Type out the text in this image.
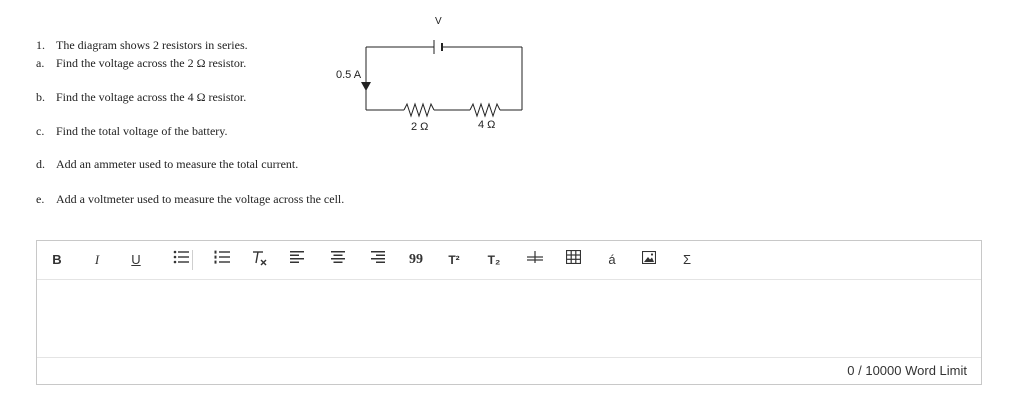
1. The diagram shows 2 resistors in series.
a. Find the voltage across the 2 Ω resistor.
b. Find the voltage across the 4 Ω resistor.
c. Find the total voltage of the battery.
d. Add an ammeter used to measure the total current.
e. Add a voltmeter used to measure the voltage across the cell.
V
0.5 A
2 Ω	4 Ω
B	I	U	99 T² T₂	á	Σ
0 / 10000 Word Limit
